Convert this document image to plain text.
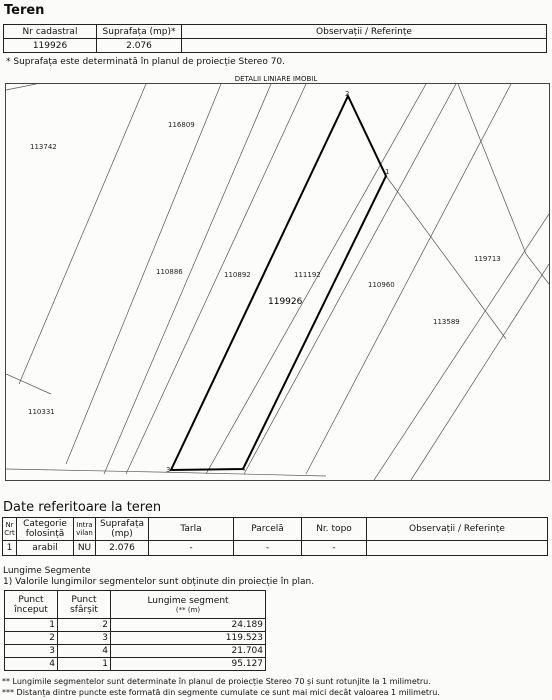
Teren
Nr cadastral	Suprafața (mp)*	Observații / Referințe
119926	2.076	
* Suprafața este determinată în planul de proiecție Stereo 70.
DETALII LINIARE IMOBIL
113742
116809
110886	110892	111192
119926
110960
119713
113589
110331
1
2
3	4
Date referitoare la teren
Nr Crt	Categorie folosință	Intra vilan	Suprafața (mp)	Tarla	Parcelă	Nr. topo	Observații / Referințe
1	arabil	NU	2.076	-	-	-	
Lungime Segmente
1) Valorile lungimilor segmentelor sunt obținute din proiecție în plan.
Punct început	Punct sfârșit	Lungime segment
(** (m)

1	2	24.189
2	3	119.523
3	4	21.704
4	1	95.127
** Lungimile segmentelor sunt determinate în planul de proiecție Stereo 70 și sunt rotunjite la 1 milimetru.
*** Distanța dintre puncte este formată din segmente cumulate ce sunt mai mici decât valoarea 1 milimetru.
